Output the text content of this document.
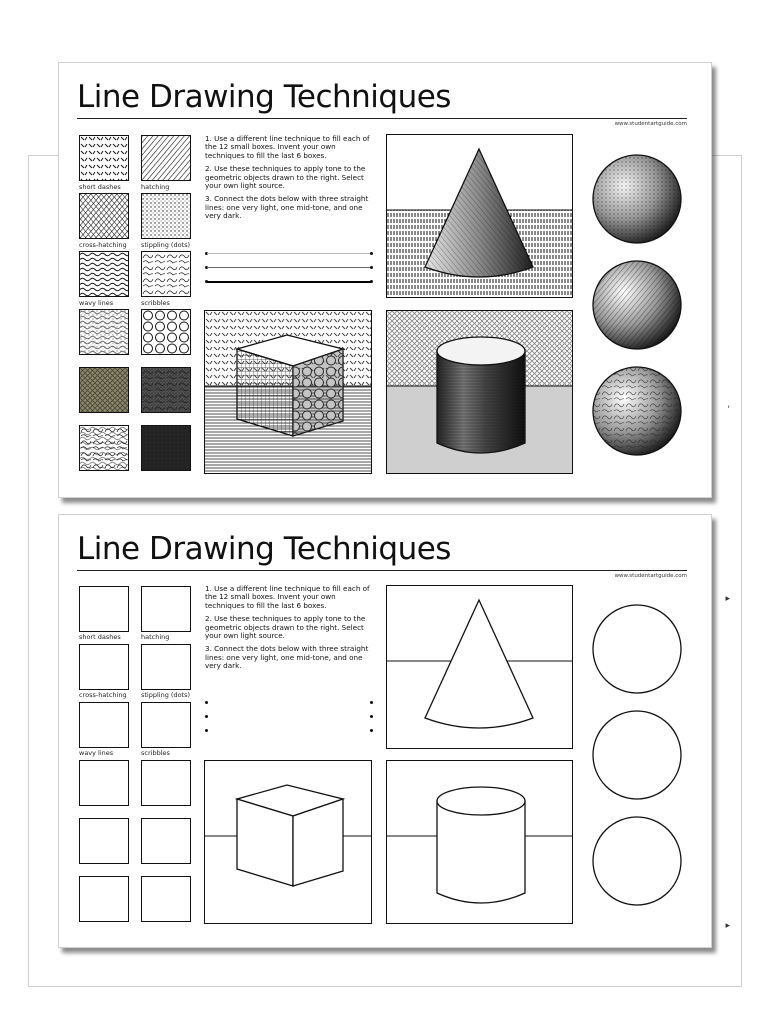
'
▸
▸
Line Drawing Techniques
www.studentartguide.com
short dashes	hatching
cross-hatching stippling (dots)
wavy lines	scribbles

1. Use a different line technique to fill each of the 12 small boxes. Invent your own techniques to fill the last 6 boxes.

2. Use these techniques to apply tone to the geometric objects drawn to the right. Select your own light source.

3. Connect the dots below with three straight lines: one very light, one mid-tone, and one very dark.

Line Drawing Techniques
www.studentartguide.com
short dashes	hatching
cross-hatching stippling (dots)
wavy lines	scribbles

1. Use a different line technique to fill each of the 12 small boxes. Invent your own techniques to fill the last 6 boxes.

2. Use these techniques to apply tone to the geometric objects drawn to the right. Select your own light source.

3. Connect the dots below with three straight lines: one very light, one mid-tone, and one very dark.
